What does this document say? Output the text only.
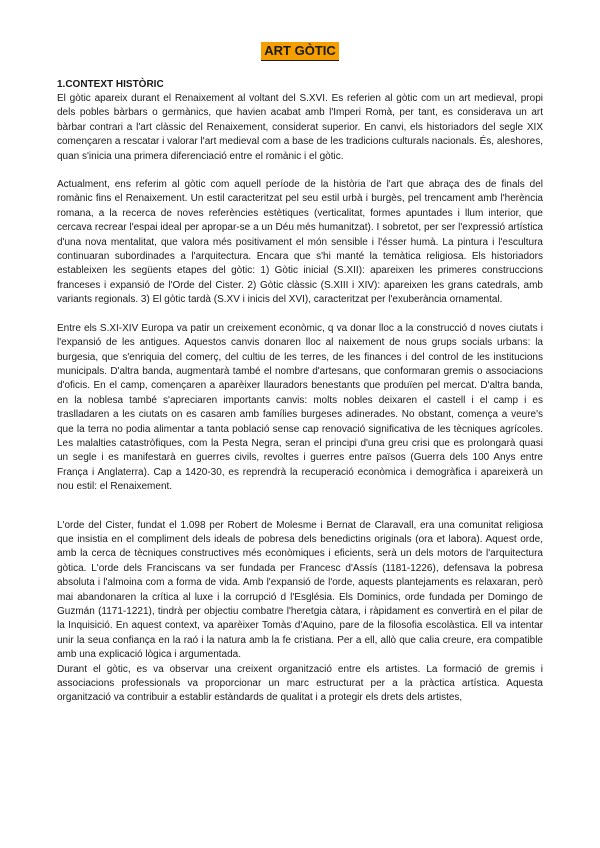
ART GÒTIC
1.CONTEXT HISTÒRIC

El gòtic apareix durant el Renaixement al voltant del S.XVI. Es referien al gòtic com un art medieval, propi dels pobles bàrbars o germànics, que havien acabat amb l'Imperi Romà, per tant, es considerava un art bàrbar contrari a l'art clàssic del Renaixement, considerat superior. En canvi, els historiadors del segle XIX començaren a rescatar i valorar l'art medieval com a base de les tradicions culturals nacionals. És, aleshores, quan s'inicia una primera diferenciació entre el romànic i el gòtic.

Actualment, ens referim al gòtic com aquell període de la història de l'art que abraça des de finals del romànic fins el Renaixement. Un estil caracteritzat pel seu estil urbà i burgès, pel trencament amb l'herència romana, a la recerca de noves referències estètiques (verticalitat, formes apuntades i llum interior, que cercava recrear l'espai ideal per apropar-se a un Déu més humanitzat). I sobretot, per ser l'expressió artística d'una nova mentalitat, que valora més positivament el món sensible i l'ésser humà. La pintura i l'escultura continuaran subordinades a l'arquitectura. Encara que s'hi manté la temàtica religiosa. Els historiadors estableixen les següents etapes del gòtic: 1) Gòtic inicial (S.XII): apareixen les primeres construccions franceses i expansió de l'Orde del Cister. 2) Gòtic clàssic (S.XIII i XIV): apareixen les grans catedrals, amb variants regionals. 3) El gòtic tardà (S.XV i inicis del XVI), caracteritzat per l'exuberància ornamental.

Entre els S.XI-XIV Europa va patir un creixement econòmic, q va donar lloc a la construcció d noves ciutats i l'expansió de les antigues. Aquestos canvis donaren lloc al naixement de nous grups socials urbans: la burgesia, que s'enriquia del comerç, del cultiu de les terres, de les finances i del control de les institucions municipals. D'altra banda, augmentarà també el nombre d'artesans, que conformaran gremis o associacions d'oficis. En el camp, començaren a aparèixer llauradors benestants que produïen pel mercat. D'altra banda, en la noblesa també s'apreciaren importants canvis: molts nobles deixaren el castell i el camp i es traslladaren a les ciutats on es casaren amb famílies burgeses adinerades. No obstant, comença a veure's que la terra no podia alimentar a tanta població sense cap renovació significativa de les tècniques agrícoles. Les malalties catastròfiques, com la Pesta Negra, seran el principi d'una greu crisi que es prolongarà quasi un segle i es manifestarà en guerres civils, revoltes i guerres entre països (Guerra dels 100 Anys entre França i Anglaterra). Cap a 1420-30, es reprendrà la recuperació econòmica i demogràfica i apareixerà un nou estil: el Renaixement.

L'orde del Cister, fundat el 1.098 per Robert de Molesme i Bernat de Claravall, era una comunitat religiosa que insistia en el compliment dels ideals de pobresa dels benedictins originals (ora et labora). Aquest orde, amb la cerca de tècniques constructives més econòmiques i eficients, serà un dels motors de l'arquitectura gòtica. L'orde dels Franciscans va ser fundada per Francesc d'Assís (1181-1226), defensava la pobresa absoluta i l'almoina com a forma de vida. Amb l'expansió de l'orde, aquests plantejaments es relaxaran, però mai abandonaren la crítica al luxe i la corrupció d l'Església. Els Dominics, orde fundada per Domingo de Guzmán (1171-1221), tindrà per objectiu combatre l'heretgia càtara, i ràpidament es convertirà en el pilar de la Inquisició. En aquest context, va aparèixer Tomàs d'Aquino, pare de la filosofia escolàstica. Ell va intentar unir la seua confiança en la raó i la natura amb la fe cristiana. Per a ell, allò que calia creure, era compatible amb una explicació lògica i argumentada.

Durant el gòtic, es va observar una creixent organització entre els artistes. La formació de gremis i associacions professionals va proporcionar un marc estructurat per a la pràctica artística. Aquesta organització va contribuir a establir estàndards de qualitat i a protegir els drets dels artistes,
